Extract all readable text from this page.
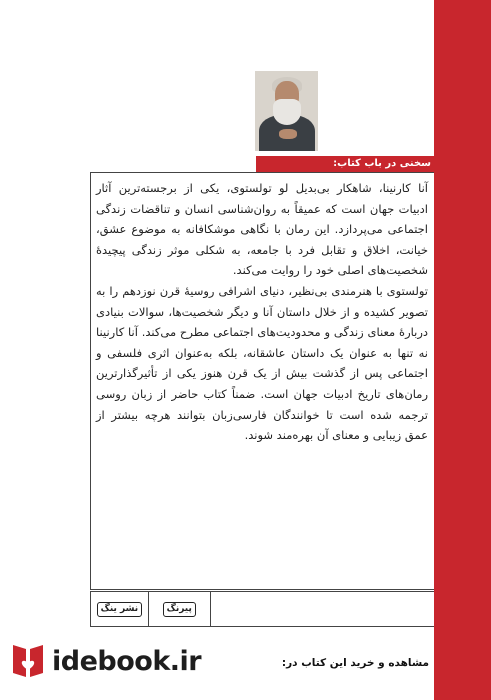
سخنی در باب کتاب:

آنا کارنینا، شاهکار بی‌بدیل لو تولستوی، یکی از برجسته‌ترین آثار ادبیات جهان است که عمیقاً به روان‌شناسی انسان و تناقضات زندگی اجتماعی می‌پردازد. این رمان با نگاهی موشکافانه به موضوع عشق، خیانت، اخلاق و تقابل فرد با جامعه، به شکلی موثر زندگی پیچیدهٔ شخصیت‌های اصلی خود را روایت می‌کند.

تولستوی با هنرمندی بی‌نظیر، دنیای اشرافی روسیهٔ قرن نوزدهم را به تصویر کشیده و از خلال داستان آنا و دیگر شخصیت‌ها، سوالات بنیادی دربارهٔ معنای زندگی و محدودیت‌های اجتماعی مطرح می‌کند. آنا کارنینا نه تنها به عنوان یک داستان عاشقانه، بلکه به‌عنوان اثری فلسفی و اجتماعی پس از گذشت بیش از یک قرن هنوز یکی از تأثیرگذارترین رمان‌های تاریخ ادبیات جهان است. ضمناً کتاب حاضر از زبان روسی ترجمه شده است تا خوانندگان فارسی‌زبان بتوانند هرچه بیشتر از عمق زیبایی و معنای آن بهره‌مند شوند.

نشر ینگ	پیرنگ
idebook.ir	مشاهده و خرید این کتاب در:
